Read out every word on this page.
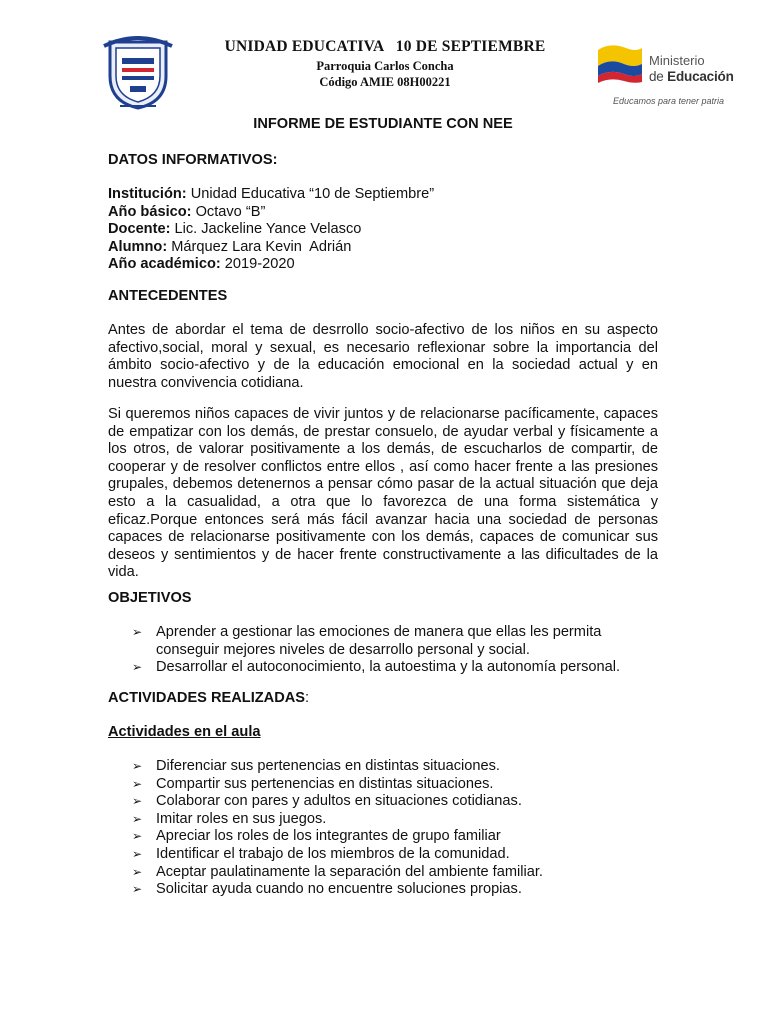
UNIDAD EDUCATIVA   10 DE SEPTIEMBRE
Parroquia Carlos Concha
Código AMIE 08H00221
Ministerio
de Educación
Educamos para tener patria

INFORME DE ESTUDIANTE CON NEE

DATOS INFORMATIVOS:

Institución: Unidad Educativa “10 de Septiembre”

Año básico: Octavo “B”

Docente: Lic. Jackeline Yance Velasco

Alumno: Márquez Lara Kevin  Adrián

Año académico: 2019-2020

ANTECEDENTES

Antes de abordar el tema de desrrollo socio-afectivo de los niños en su aspecto afectivo,social, moral y sexual, es necesario reflexionar sobre la importancia del ámbito socio-afectivo y de la educación emocional en la sociedad actual y en nuestra convivencia cotidiana.

Si queremos niños capaces de vivir juntos y de relacionarse pacíficamente, capaces de empatizar con los demás, de prestar consuelo, de ayudar verbal y físicamente a los otros, de valorar positivamente a los demás, de escucharlos de compartir, de cooperar y de resolver conflictos entre ellos , así como hacer frente a las presiones grupales, debemos detenernos a pensar cómo pasar de la actual situación que deja esto a la casualidad, a otra que lo favorezca de una forma sistemática y eficaz.Porque entonces será más fácil avanzar hacia una sociedad de personas capaces de relacionarse positivamente con los demás, capaces de comunicar sus deseos y sentimientos y de hacer frente constructivamente a las dificultades de la vida.

OBJETIVOS

➢ Aprender a gestionar las emociones de manera que ellas les permita conseguir mejores niveles de desarrollo personal y social.
➢ Desarrollar el autoconocimiento, la autoestima y la autonomía personal.

ACTIVIDADES REALIZADAS:

Actividades en el aula

➢ Diferenciar sus pertenencias en distintas situaciones.
➢ Compartir sus pertenencias en distintas situaciones.
➢ Colaborar con pares y adultos en situaciones cotidianas.
➢ Imitar roles en sus juegos.
➢ Apreciar los roles de los integrantes de grupo familiar
➢ Identificar el trabajo de los miembros de la comunidad.
➢ Aceptar paulatinamente la separación del ambiente familiar.
➢ Solicitar ayuda cuando no encuentre soluciones propias.
